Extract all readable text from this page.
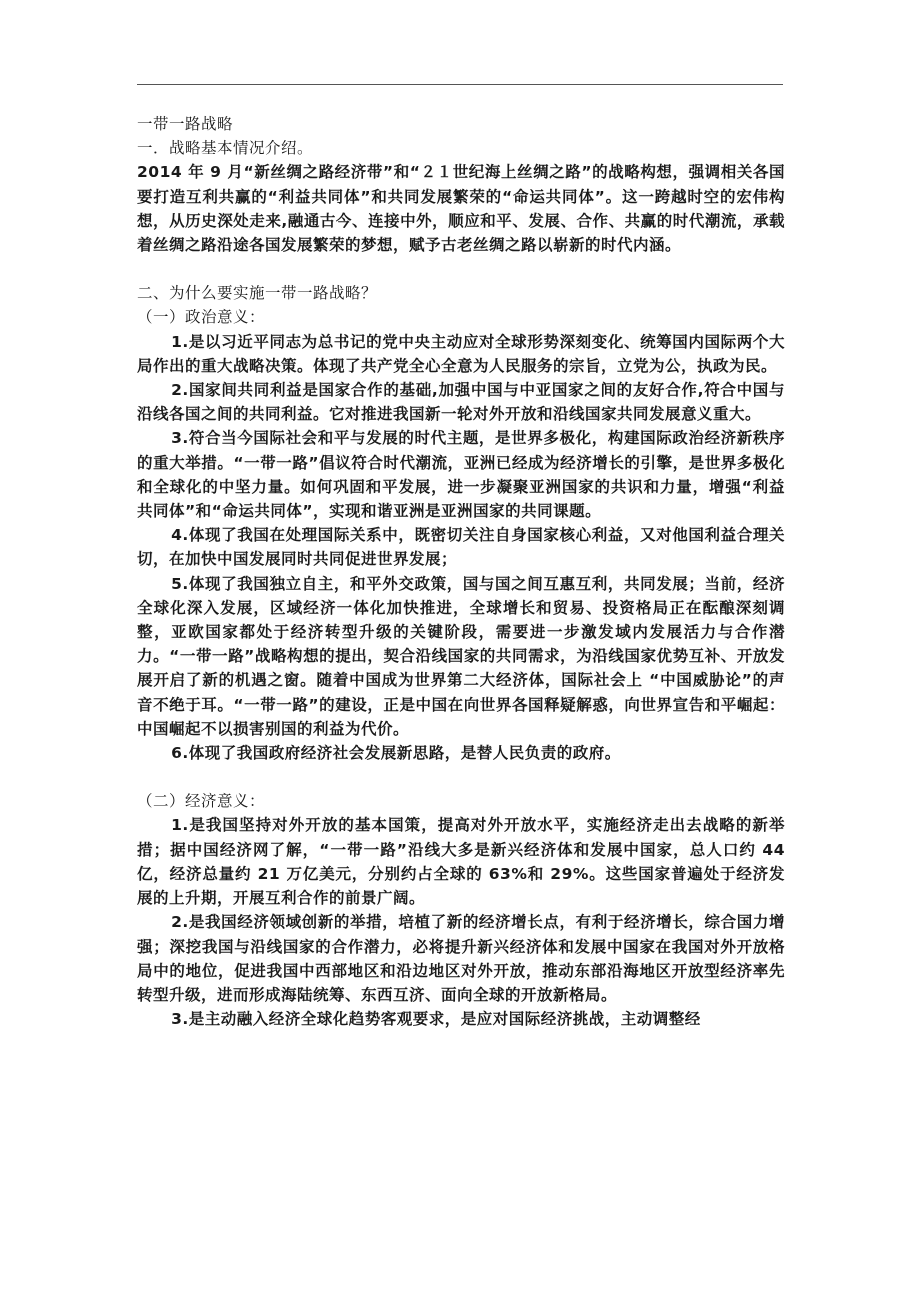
一带一路战略

一．战略基本情况介绍。

2014 年 9 月“新丝绸之路经济带”和“２１世纪海上丝绸之路”的战略构想，强调相关各国要打造互利共赢的“利益共同体”和共同发展繁荣的“命运共同体”。这一跨越时空的宏伟构想，从历史深处走来,融通古今、连接中外，顺应和平、发展、合作、共赢的时代潮流，承载着丝绸之路沿途各国发展繁荣的梦想，赋予古老丝绸之路以崭新的时代内涵。

二、为什么要实施一带一路战略？

（一）政治意义：

1.是以习近平同志为总书记的党中央主动应对全球形势深刻变化、统筹国内国际两个大局作出的重大战略决策。体现了共产党全心全意为人民服务的宗旨，立党为公，执政为民。

2.国家间共同利益是国家合作的基础,加强中国与中亚国家之间的友好合作,符合中国与沿线各国之间的共同利益。它对推进我国新一轮对外开放和沿线国家共同发展意义重大。

3.符合当今国际社会和平与发展的时代主题，是世界多极化，构建国际政治经济新秩序的重大举措。“一带一路”倡议符合时代潮流，亚洲已经成为经济增长的引擎，是世界多极化和全球化的中坚力量。如何巩固和平发展，进一步凝聚亚洲国家的共识和力量，增强“利益共同体”和“命运共同体”，实现和谐亚洲是亚洲国家的共同课题。

4.体现了我国在处理国际关系中，既密切关注自身国家核心利益，又对他国利益合理关切，在加快中国发展同时共同促进世界发展；

5.体现了我国独立自主，和平外交政策，国与国之间互惠互利，共同发展；当前，经济全球化深入发展，区域经济一体化加快推进，全球增长和贸易、投资格局正在酝酿深刻调整，亚欧国家都处于经济转型升级的关键阶段，需要进一步激发域内发展活力与合作潜力。“一带一路”战略构想的提出，契合沿线国家的共同需求，为沿线国家优势互补、开放发展开启了新的机遇之窗。随着中国成为世界第二大经济体，国际社会上 “中国威胁论”的声音不绝于耳。“一带一路”的建设，正是中国在向世界各国释疑解惑，向世界宣告和平崛起：中国崛起不以损害别国的利益为代价。

6.体现了我国政府经济社会发展新思路，是替人民负责的政府。

（二）经济意义：

1.是我国坚持对外开放的基本国策，提高对外开放水平，实施经济走出去战略的新举措；据中国经济网了解，“一带一路”沿线大多是新兴经济体和发展中国家，总人口约 44 亿，经济总量约 21 万亿美元，分别约占全球的 63%和 29%。这些国家普遍处于经济发展的上升期，开展互利合作的前景广阔。

2.是我国经济领域创新的举措，培植了新的经济增长点，有利于经济增长，综合国力增强；深挖我国与沿线国家的合作潜力，必将提升新兴经济体和发展中国家在我国对外开放格局中的地位，促进我国中西部地区和沿边地区对外开放，推动东部沿海地区开放型经济率先转型升级，进而形成海陆统筹、东西互济、面向全球的开放新格局。

3.是主动融入经济全球化趋势客观要求，是应对国际经济挑战，主动调整经
